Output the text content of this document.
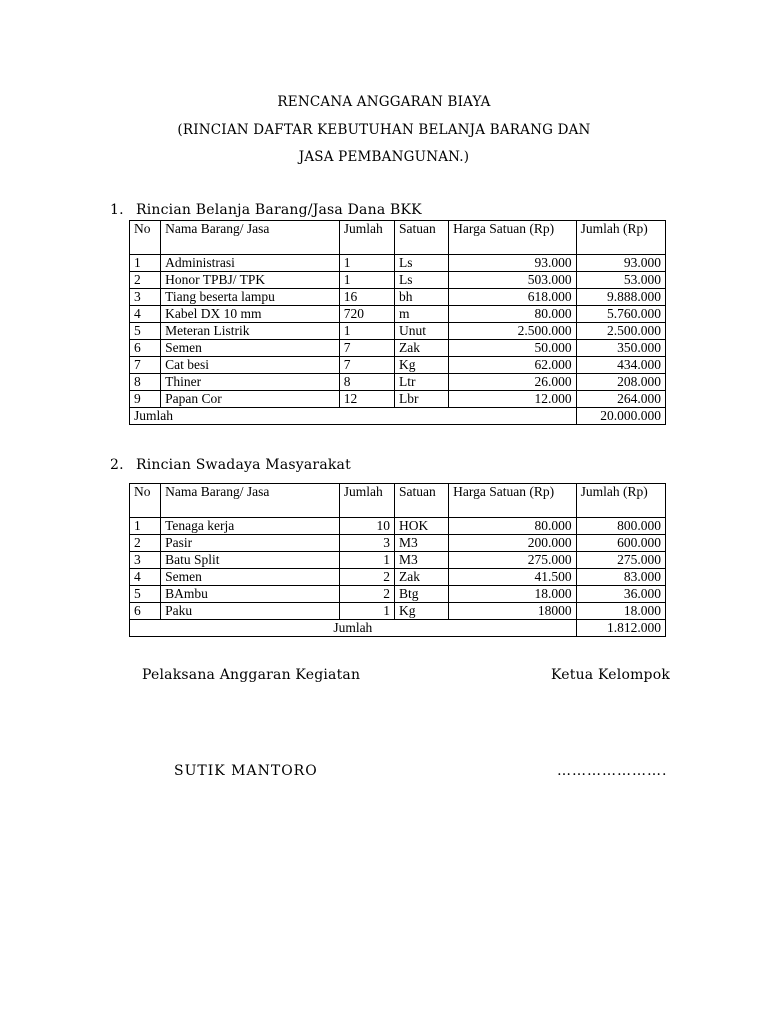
RENCANA ANGGARAN BIAYA
(RINCIAN DAFTAR KEBUTUHAN BELANJA BARANG DAN
JASA PEMBANGUNAN.)
1. Rincian Belanja Barang/Jasa Dana BKK
No	Nama Barang/ Jasa	Jumlah	Satuan	Harga Satuan (Rp)	Jumlah (Rp)
1	Administrasi	1	Ls	93.000	93.000
2	Honor TPBJ/ TPK	1	Ls	503.000	53.000
3	Tiang beserta lampu	16	bh	618.000	9.888.000
4	Kabel DX 10 mm	720	m	80.000	5.760.000
5	Meteran Listrik	1	Unut	2.500.000	2.500.000
6	Semen	7	Zak	50.000	350.000
7	Cat besi	7	Kg	62.000	434.000
8	Thiner	8	Ltr	26.000	208.000
9	Papan Cor	12	Lbr	12.000	264.000
Jumlah					20.000.000
2. Rincian Swadaya Masyarakat
No	Nama Barang/ Jasa	Jumlah	Satuan	Harga Satuan (Rp)	Jumlah (Rp)
1	Tenaga kerja	10	HOK	80.000	800.000
2	Pasir	3	M3	200.000	600.000
3	Batu Split	1	M3	275.000	275.000
4	Semen	2	Zak	41.500	83.000
5	BAmbu	2	Btg	18.000	36.000
6	Paku	1	Kg	18000	18.000
Jumlah					1.812.000
Pelaksana Anggaran Kegiatan	Ketua Kelompok
SUTIK MANTORO	………………….
